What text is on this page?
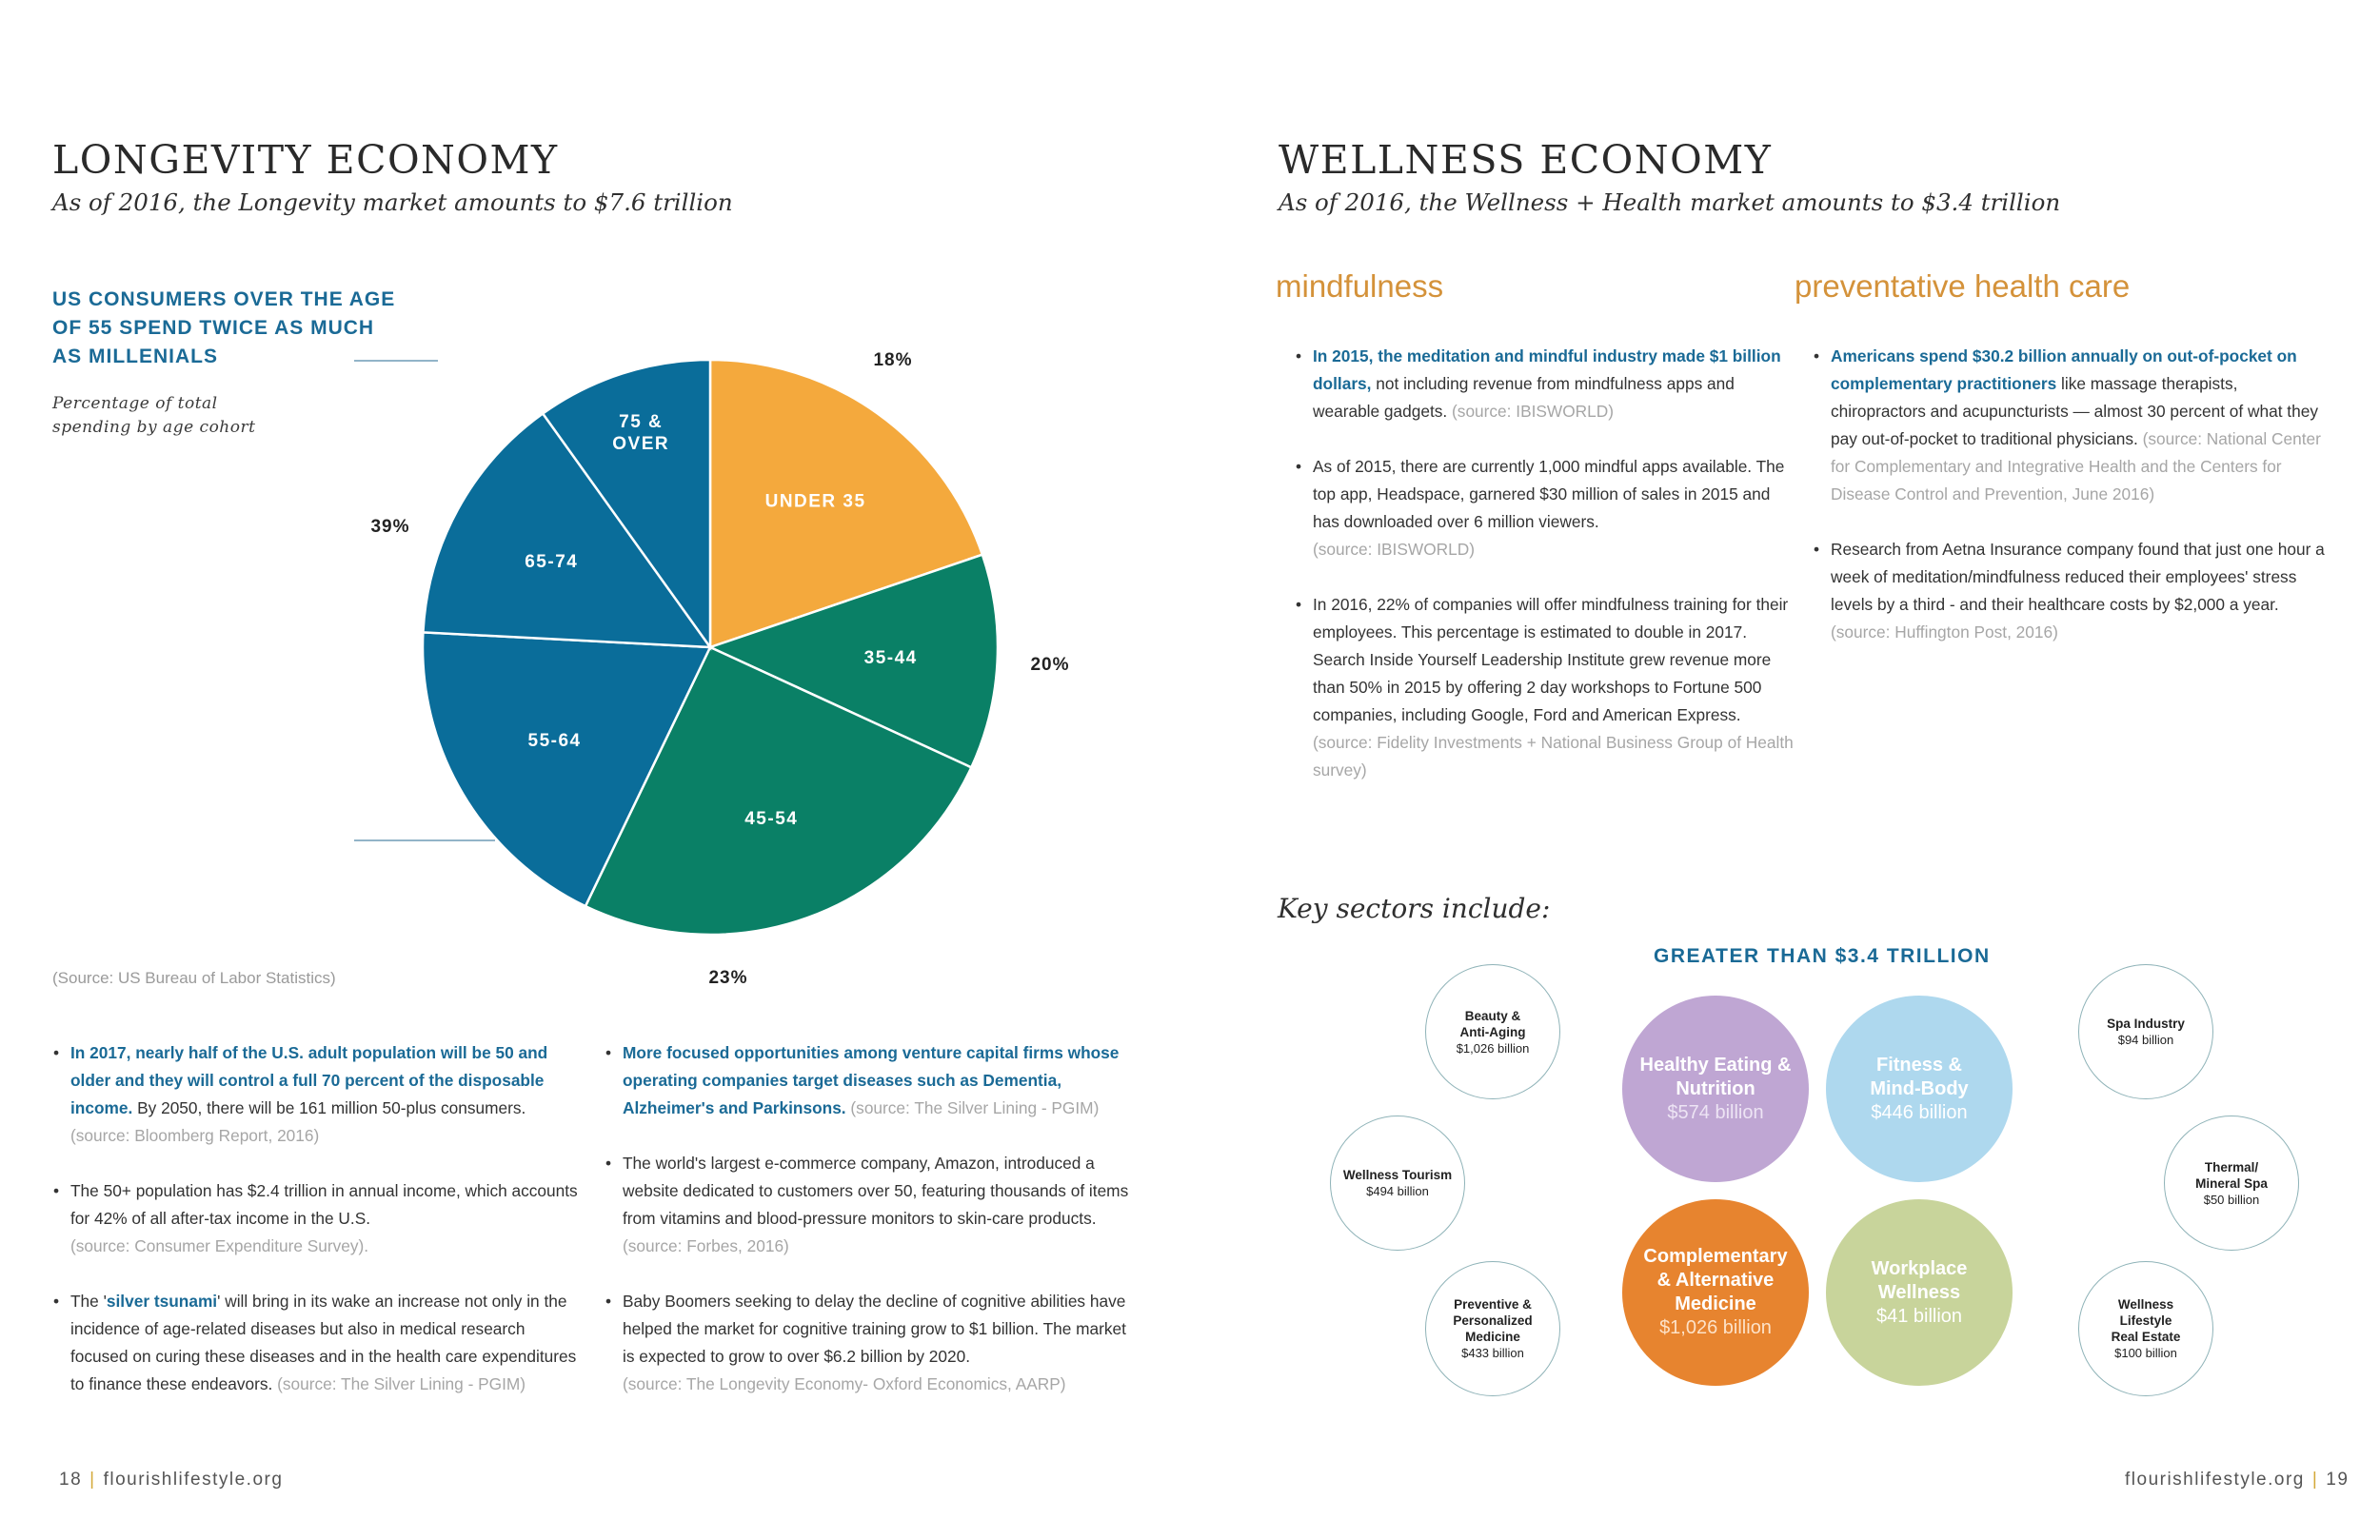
LONGEVITY ECONOMY
As of 2016, the Longevity market amounts to $7.6 trillion
US CONSUMERS OVER THE AGE
OF 55 SPEND TWICE AS MUCH
AS MILLENIALS
Percentage of total
spending by age cohort
UNDER 35
35-44
45-54
55-64
65-74
75 &
OVER
18%
20%
23%
39%
(Source: US Bureau of Labor Statistics)
• In 2017, nearly half of the U.S. adult population will be 50 and older and they will control a full 70 percent of the disposable income. By 2050, there will be 161 million 50-plus consumers.
(source: Bloomberg Report, 2016)
• The 50+ population has $2.4 trillion in annual income, which accounts for 42% of all after-tax income in the U.S.
(source: Consumer Expenditure Survey).
• The 'silver tsunami' will bring in its wake an increase not only in the incidence of age-related diseases but also in medical research focused on curing these diseases and in the health care expenditures to finance these endeavors. (source: The Silver Lining - PGIM)
• More focused opportunities among venture capital firms whose operating companies target diseases such as Dementia, Alzheimer's and Parkinsons. (source: The Silver Lining - PGIM)
• The world's largest e-commerce company, Amazon, introduced a website dedicated to customers over 50, featuring thousands of items from vitamins and blood-pressure monitors to skin-care products. (source: Forbes, 2016)
• Baby Boomers seeking to delay the decline of cognitive abilities have helped the market for cognitive training grow to $1 billion. The market is expected to grow to over $6.2 billion by 2020.
(source: The Longevity Economy- Oxford Economics, AARP)
18 | flourishlifestyle.org
WELLNESS ECONOMY
As of 2016, the Wellness + Health market amounts to $3.4 trillion
mindfulness	preventative health care
• In 2015, the meditation and mindful industry made $1 billion dollars, not including revenue from mindfulness apps and wearable gadgets. (source: IBISWORLD)
• As of 2015, there are currently 1,000 mindful apps available. The top app, Headspace, garnered $30 million of sales in 2015 and has downloaded over 6 million viewers.
(source: IBISWORLD)
• In 2016, 22% of companies will offer mindfulness training for their employees. This percentage is estimated to double in 2017. Search Inside Yourself Leadership Institute grew revenue more than 50% in 2015 by offering 2 day workshops to Fortune 500 companies, including Google, Ford and American Express. (source: Fidelity Investments + National Business Group of Health survey)
• Americans spend $30.2 billion annually on out-of-pocket on complementary practitioners like massage therapists, chiropractors and acupuncturists — almost 30 percent of what they pay out-of-pocket to traditional physicians. (source: National Center for Complementary and Integrative Health and the Centers for Disease Control and Prevention, June 2016)
• Research from Aetna Insurance company found that just one hour a week of meditation/mindfulness reduced their employees' stress levels by a third - and their healthcare costs by $2,000 a year. (source: Huffington Post, 2016)
Key sectors include:
GREATER THAN $3.4 TRILLION
Healthy Eating & Nutrition
$574 billion
Fitness & Mind-Body
$446 billion
Complementary & Alternative Medicine
$1,026 billion
Workplace Wellness
$41 billion
Beauty & Anti-Aging
$1,026 billion
Spa Industry
$94 billion
Wellness Tourism
$494 billion
Thermal/ Mineral Spa
$50 billion
Preventive & Personalized Medicine
$433 billion
Wellness Lifestyle Real Estate
$100 billion
flourishlifestyle.org | 19
